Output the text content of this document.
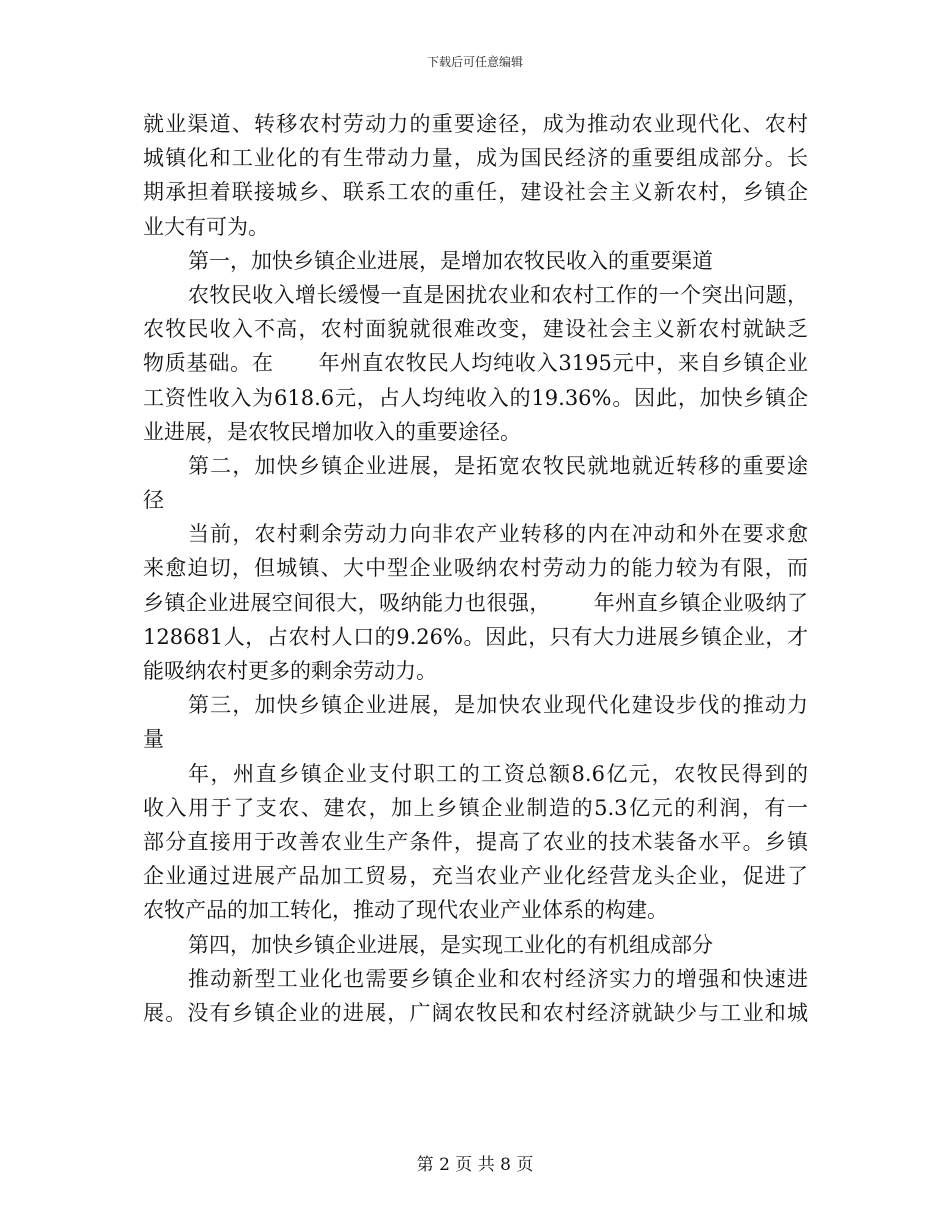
下载后可任意编辑
就业渠道、转移农村劳动力的重要途径，成为推动农业现代化、农村
城镇化和工业化的有生带动力量，成为国民经济的重要组成部分。长
期承担着联接城乡、联系工农的重任，建设社会主义新农村，乡镇企
业大有可为。
第一，加快乡镇企业进展，是增加农牧民收入的重要渠道
农牧民收入增长缓慢一直是困扰农业和农村工作的一个突出问题，
农牧民收入不高，农村面貌就很难改变，建设社会主义新农村就缺乏
物质基础。在      年州直农牧民人均纯收入3195元中，来自乡镇企业
工资性收入为618.6元，占人均纯收入的19.36%。因此，加快乡镇企
业进展，是农牧民增加收入的重要途径。
第二，加快乡镇企业进展，是拓宽农牧民就地就近转移的重要途
径
当前，农村剩余劳动力向非农产业转移的内在冲动和外在要求愈
来愈迫切，但城镇、大中型企业吸纳农村劳动力的能力较为有限，而
乡镇企业进展空间很大，吸纳能力也很强，      年州直乡镇企业吸纳了
128681人，占农村人口的9.26%。因此，只有大力进展乡镇企业，才
能吸纳农村更多的剩余劳动力。
第三，加快乡镇企业进展，是加快农业现代化建设步伐的推动力
量
年，州直乡镇企业支付职工的工资总额8.6亿元，农牧民得到的
收入用于了支农、建农，加上乡镇企业制造的5.3亿元的利润，有一
部分直接用于改善农业生产条件，提高了农业的技术装备水平。乡镇
企业通过进展产品加工贸易，充当农业产业化经营龙头企业，促进了
农牧产品的加工转化，推动了现代农业产业体系的构建。
第四，加快乡镇企业进展，是实现工业化的有机组成部分
推动新型工业化也需要乡镇企业和农村经济实力的增强和快速进
展。没有乡镇企业的进展，广阔农牧民和农村经济就缺少与工业和城
第 2 页 共 8 页
